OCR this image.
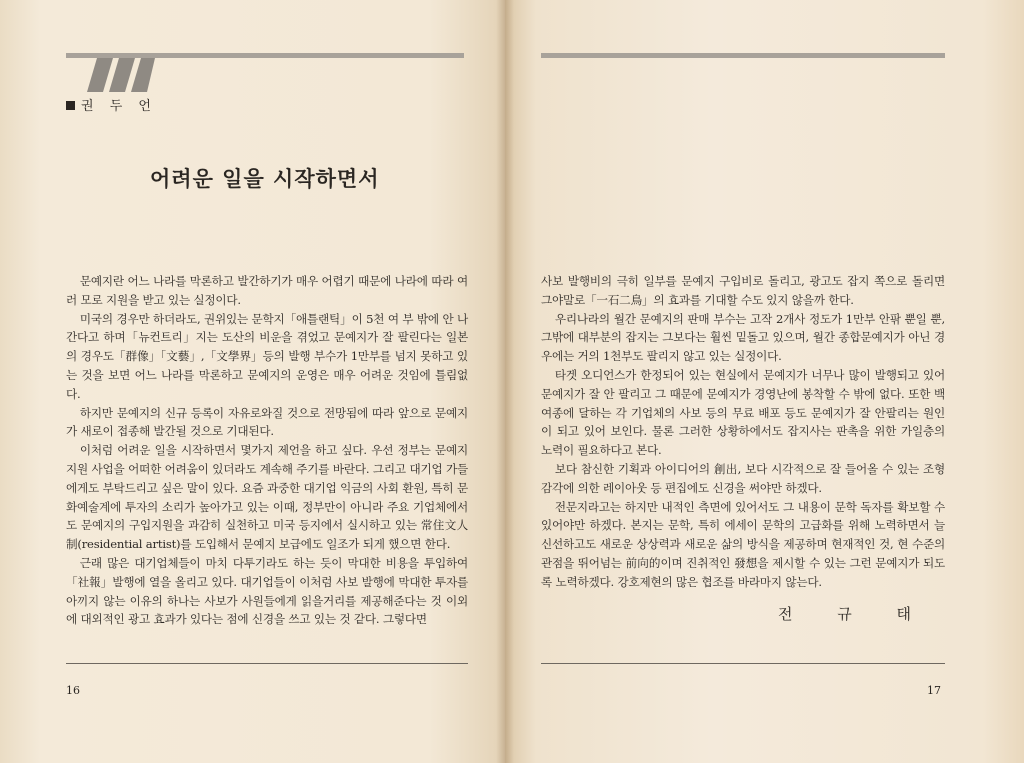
권 두 언
어려운 일을 시작하면서

문예지란 어느 나라를 막론하고 발간하기가 매우 어렵기 때문에 나라에 따라 여러 모로 지원을 받고 있는 실정이다.

미국의 경우만 하더라도, 권위있는 문학지「애틀랜틱」이 5천 여 부 밖에 안 나간다고 하며「뉴컨트리」지는 도산의 비운을 겪었고 문예지가 잘 팔린다는 일본의 경우도「群像」「文藝」,「文學界」등의 발행 부수가 1만부를 넘지 못하고 있는 것을 보면 어느 나라를 막론하고 문예지의 운영은 매우 어려운 것임에 틀림없다.

하지만 문예지의 신규 등록이 자유로와질 것으로 전망됨에 따라 앞으로 문예지가 새로이 접종해 발간될 것으로 기대된다.

이처럼 어려운 일을 시작하면서 몇가지 제언을 하고 싶다. 우선 정부는 문예지 지원 사업을 어떠한 어려움이 있더라도 계속해 주기를 바란다. 그리고 대기업 가들에게도 부탁드리고 싶은 말이 있다. 요즘 과중한 대기업 익금의 사회 환원, 특히 문화예술계에 투자의 소리가 높아가고 있는 이때, 정부만이 아니라 주요 기업체에서도 문예지의 구입지원을 과감히 실천하고 미국 등지에서 실시하고 있는 常住文人制(residential artist)를 도입해서 문예지 보급에도 일조가 되게 했으면 한다.

근래 많은 대기업체들이 마치 다투기라도 하는 듯이 막대한 비용을 투입하여「社報」발행에 열을 올리고 있다. 대기업들이 이처럼 사보 발행에 막대한 투자를 아끼지 않는 이유의 하나는 사보가 사원들에게 읽을거리를 제공해준다는 것 이외에 대외적인 광고 효과가 있다는 점에 신경을 쓰고 있는 것 같다. 그렇다면

16

사보 발행비의 극히 일부를 문예지 구입비로 돌리고, 광고도 잡지 쪽으로 돌리면 그야말로「一石二鳥」의 효과를 기대할 수도 있지 않을까 한다.

우리나라의 월간 문예지의 판매 부수는 고작 2개사 정도가 1만부 안팎 뿐일 뿐, 그밖에 대부분의 잡지는 그보다는 훨씬 밑돌고 있으며, 월간 종합문예지가 아닌 경우에는 거의 1천부도 팔리지 않고 있는 실정이다.

타겟 오디언스가 한정되어 있는 현실에서 문예지가 너무나 많이 발행되고 있어 문예지가 잘 안 팔리고 그 때문에 문예지가 경영난에 봉착할 수 밖에 없다. 또한 백여종에 달하는 각 기업체의 사보 등의 무료 배포 등도 문예지가 잘 안팔리는 원인이 되고 있어 보인다. 물론 그러한 상황하에서도 잡지사는 판촉을 위한 가일층의 노력이 필요하다고 본다.

보다 참신한 기획과 아이디어의 創出, 보다 시각적으로 잘 들어올 수 있는 조형 감각에 의한 레이아웃 등 편집에도 신경을 써야만 하겠다.

전문지라고는 하지만 내적인 측면에 있어서도 그 내용이 문학 독자를 확보할 수 있어야만 하겠다. 본지는 문학, 특히 에세이 문학의 고급화를 위해 노력하면서 늘 신선하고도 새로운 상상력과 새로운 삶의 방식을 제공하며 현재적인 것, 현 수준의 관점을 뛰어넘는 前向的이며 진취적인 發想을 제시할 수 있는 그런 문예지가 되도록 노력하겠다. 강호제현의 많은 협조를 바라마지 않는다.

17
전 규 태
